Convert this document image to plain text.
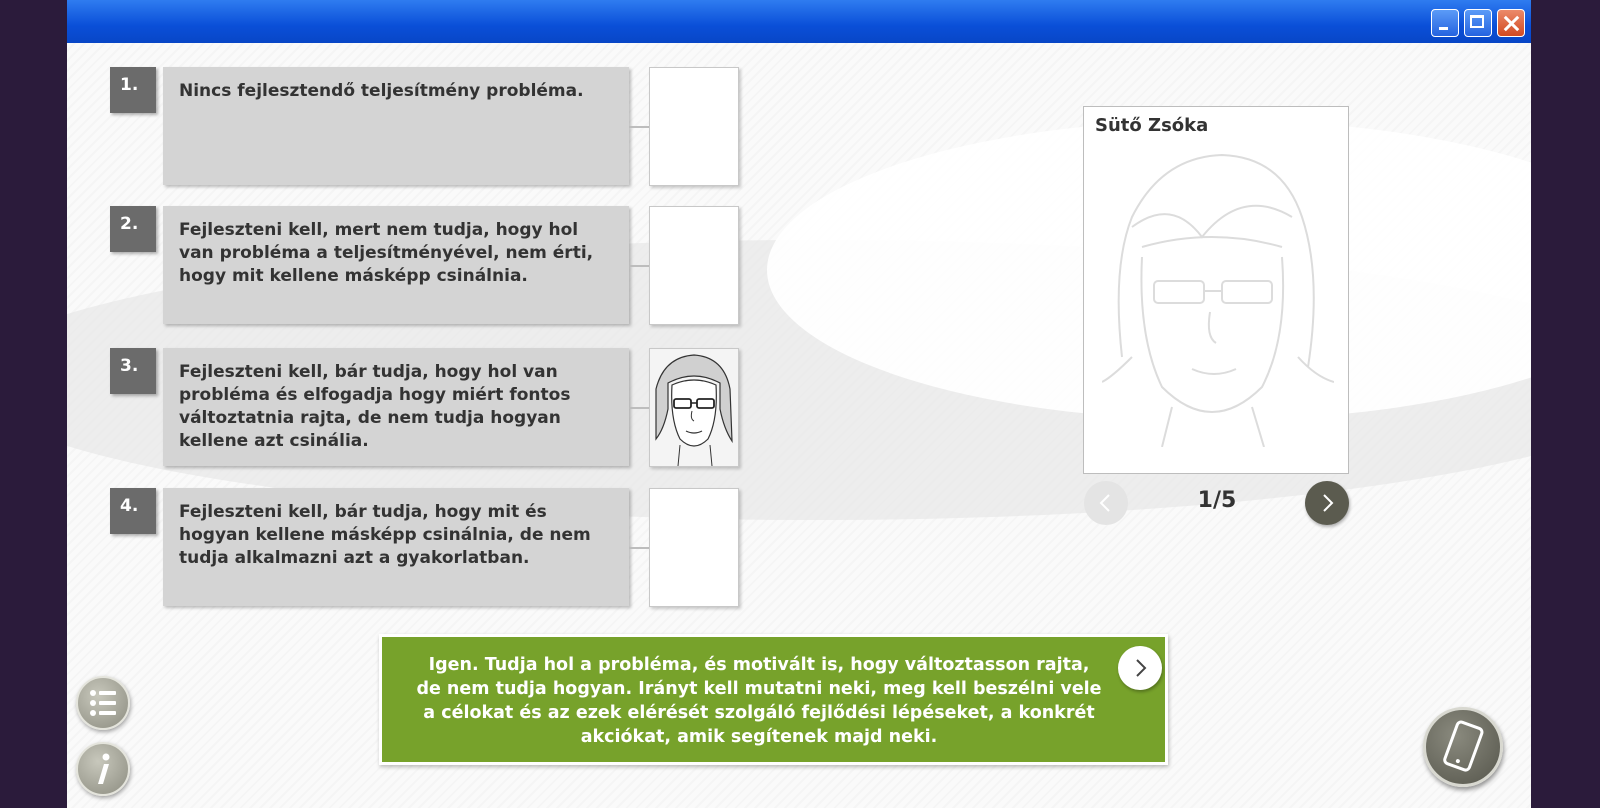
1.	Nincs fejlesztendő teljesítmény probléma.
2.	Fejleszteni kell, mert nem tudja, hogy hol van probléma a teljesítményével, nem érti, hogy mit kellene másképp csinálnia.
3.	Fejleszteni kell, bár tudja, hogy hol van probléma és elfogadja hogy miért fontos változtatnia rajta, de nem tudja hogyan kellene azt csinália.
4.	Fejleszteni kell, bár tudja, hogy mit és hogyan kellene másképp csinálnia, de nem tudja alkalmazni azt a gyakorlatban.
Sütő Zsóka
1/5
Igen. Tudja hol a probléma, és motivált is, hogy változtasson rajta, de nem tudja hogyan. Irányt kell mutatni neki, meg kell beszélni vele a célokat és az ezek elérését szolgáló fejlődési lépéseket, a konkrét akciókat, amik segítenek majd neki.
